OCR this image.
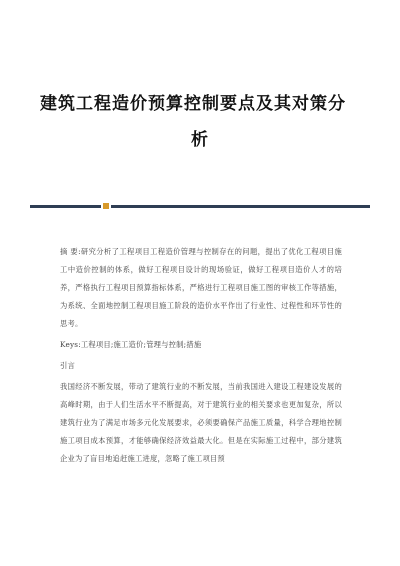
建筑工程造价预算控制要点及其对策分
析

摘 要:研究分析了工程项目工程造价管理与控制存在的问题，提出了优化工程项目施工中造价控制的体系，做好工程项目设计的现场验证，做好工程项目造价人才的培养，严格执行工程项目预算指标体系，严格进行工程项目施工图的审核工作等措施，为系统、全面地控制工程项目施工阶段的造价水平作出了行业性、过程性和环节性的思考。

Keys:工程项目;施工造价;管理与控制;措施

引言

我国经济不断发展，带动了建筑行业的不断发展，当前我国进入建设工程建设发展的高峰时期，由于人们生活水平不断提高，对于建筑行业的相关要求也更加复杂，所以建筑行业为了满足市场多元化发展要求，必须要确保产品施工质量，科学合理地控制施工项目成本预算，才能够确保经济效益最大化。但是在实际施工过程中，部分建筑企业为了盲目地追赶施工进度，忽略了施工项目预
